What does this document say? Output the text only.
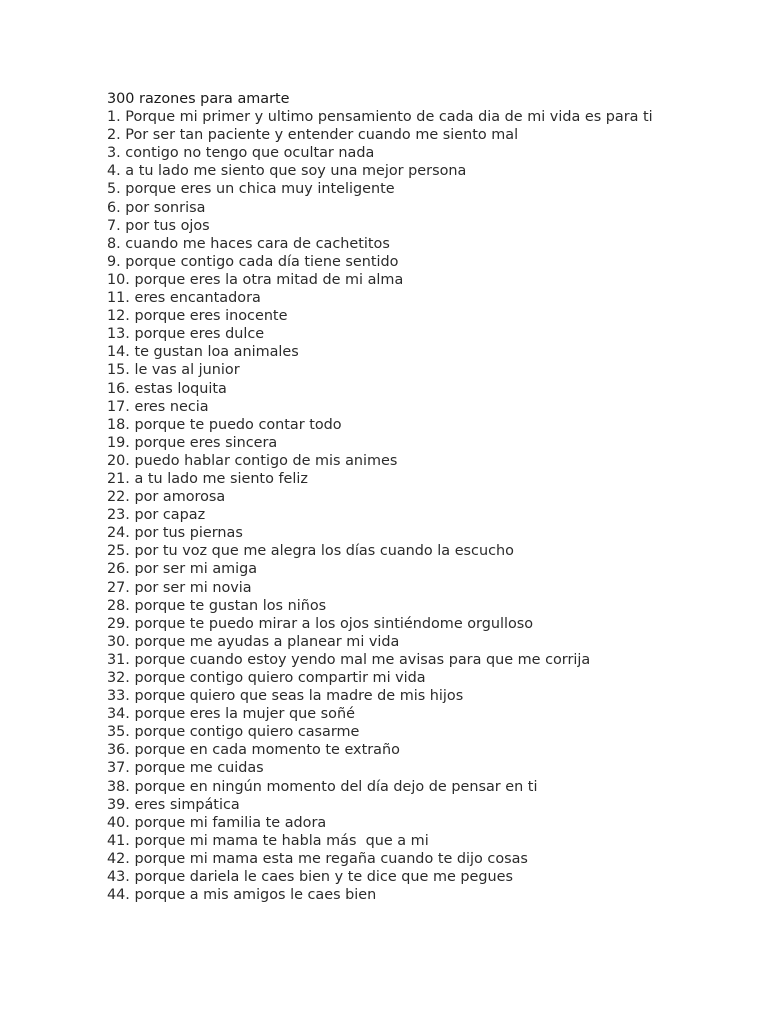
300 razones para amarte

1. Porque mi primer y ultimo pensamiento de cada dia de mi vida es para ti
2. Por ser tan paciente y entender cuando me siento mal
3. contigo no tengo que ocultar nada
4. a tu lado me siento que soy una mejor persona
5. porque eres un chica muy inteligente
6. por sonrisa
7. por tus ojos
8. cuando me haces cara de cachetitos
9. porque contigo cada día tiene sentido
10. porque eres la otra mitad de mi alma
11. eres encantadora
12. porque eres inocente
13. porque eres dulce
14. te gustan loa animales
15. le vas al junior
16. estas loquita
17. eres necia
18. porque te puedo contar todo
19. porque eres sincera
20. puedo hablar contigo de mis animes
21. a tu lado me siento feliz
22. por amorosa
23. por capaz
24. por tus piernas
25. por tu voz que me alegra los días cuando la escucho
26. por ser mi amiga
27. por ser mi novia
28. porque te gustan los niños
29. porque te puedo mirar a los ojos sintiéndome orgulloso
30. porque me ayudas a planear mi vida
31. porque cuando estoy yendo mal me avisas para que me corrija
32. porque contigo quiero compartir mi vida
33. porque quiero que seas la madre de mis hijos
34. porque eres la mujer que soñé
35. porque contigo quiero casarme
36. porque en cada momento te extraño
37. porque me cuidas
38. porque en ningún momento del día dejo de pensar en ti
39. eres simpática
40. porque mi familia te adora
41. porque mi mama te habla más  que a mi
42. porque mi mama esta me regaña cuando te dijo cosas
43. porque dariela le caes bien y te dice que me pegues
44. porque a mis amigos le caes bien
